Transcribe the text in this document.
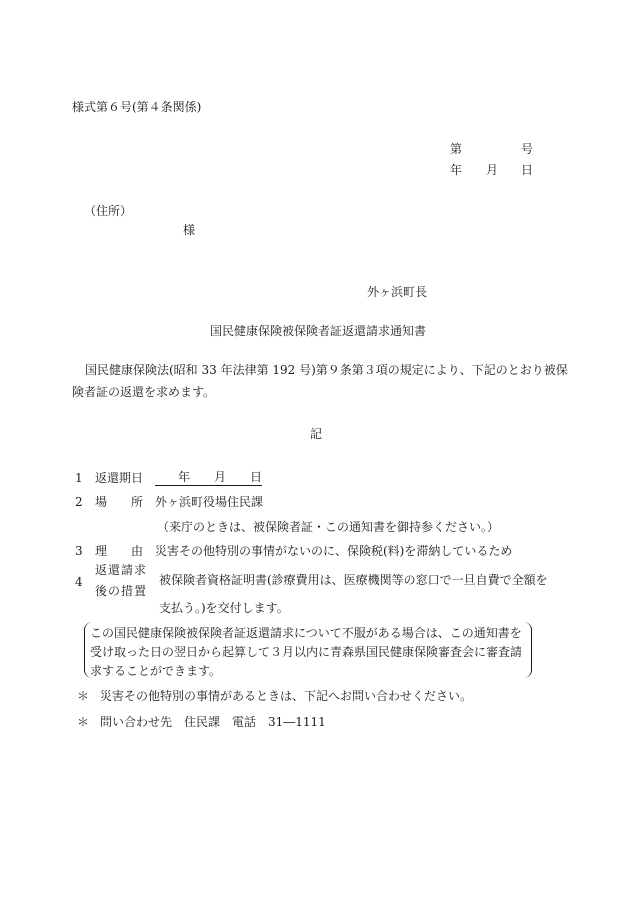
様式第６号(第４条関係)
第	号
年 月 日
（住所）
様
外ヶ浜町長
国民健康保険被保険者証返還請求通知書
国民健康保険法(昭和 33 年法律第 192 号)第９条第３項の規定により、下記のとおり被保
険者証の返還を求めます。
記
1 返還期日	年　　月　　日
2 場　　所 外ヶ浜町役場住民課
（来庁のときは、被保険者証・この通知書を御持参ください。）
3 理　　由 災害その他特別の事情がないのに、保険税(料)を滞納しているため
4
返還請求
後の措置
被保険者資格証明書(診療費用は、医療機関等の窓口で一旦自費で全額を
支払う。)を交付します。
この国民健康保険被保険者証返還請求について不服がある場合は、この通知書を
受け取った日の翌日から起算して３月以内に青森県国民健康保険審査会に審査請
求することができます。
＊ 災害その他特別の事情があるときは、下記へお問い合わせください。
＊ 問い合わせ先　住民課　電話　31―1111
